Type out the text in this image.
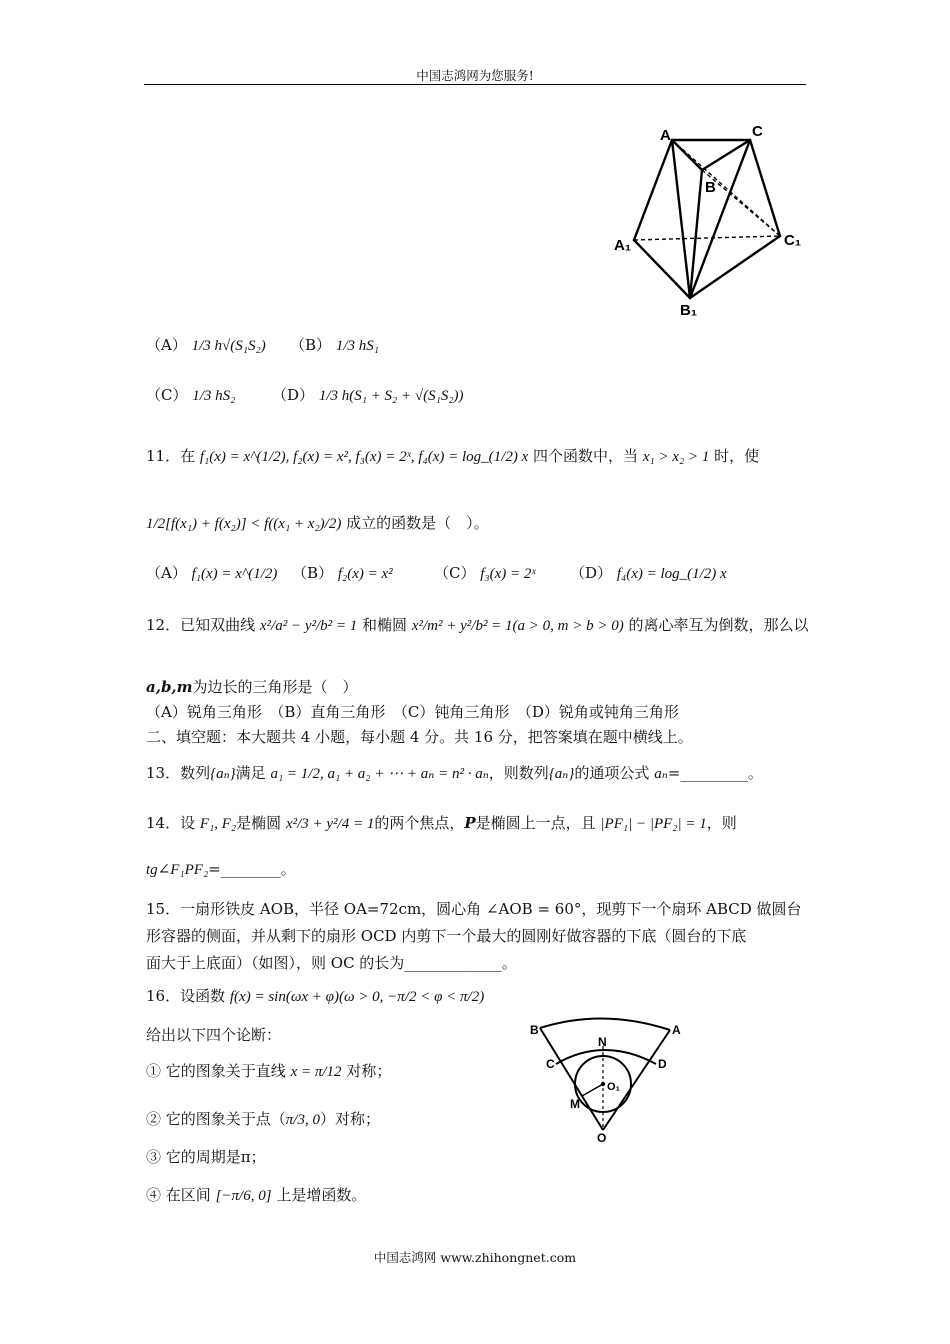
中国志鸿网为您服务!
中国志鸿网 www.zhihongnet.com
A	C
B
A₁	C₁
B₁
（A） 1/3 h√(S₁S₂) （B） 1/3 hS₁
（C） 1/3 hS₂ （D） 1/3 h(S₁ + S₂ + √(S₁S₂))
11．在 f₁(x) = x^(1/2), f₂(x) = x², f₃(x) = 2ˣ, f₄(x) = log_(1/2) x 四个函数中，当 x₁ > x₂ > 1 时，使
1/2[f(x₁) + f(x₂)] < f((x₁ + x₂)/2) 成立的函数是（　）。
（A） f₁(x) = x^(1/2) （B） f₂(x) = x²	（C） f₃(x) = 2ˣ （D） f₄(x) = log_(1/2) x
12．已知双曲线 x²/a² − y²/b² = 1 和椭圆 x²/m² + y²/b² = 1(a > 0, m > b > 0) 的离心率互为倒数，那么以
a,b,m为边长的三角形是（　）
（A）锐角三角形　（B）直角三角形　（C）钝角三角形　（D）锐角或钝角三角形
二、填空题：本大题共 4 小题，每小题 4 分。共 16 分，把答案填在题中横线上。
13．数列{aₙ}满足 a₁ = 1/2, a₁ + a₂ + ⋯ + aₙ = n² · aₙ，则数列{aₙ}的通项公式 aₙ=_________。
14．设 F₁, F₂是椭圆 x²/3 + y²/4 = 1的两个焦点，P是椭圆上一点，且 |PF₁| − |PF₂| = 1，则
tg∠F₁PF₂=________。
15．一扇形铁皮 AOB，半径 OA=72cm，圆心角 ∠AOB = 60°，现剪下一个扇环 ABCD 做圆台
形容器的侧面，并从剩下的扇形 OCD 内剪下一个最大的圆刚好做容器的下底（圆台的下底
面大于上底面）（如图），则 OC 的长为_____________。
16．设函数 f(x) = sin(ωx + φ)(ω > 0, −π/2 < φ < π/2)
给出以下四个论断：
① 它的图象关于直线 x = π/12 对称；
② 它的图象关于点（π/3, 0）对称；
③ 它的周期是π；
④ 在区间 [−π/6, 0] 上是增函数。
B	A
N
C	D
O₁
M
O
